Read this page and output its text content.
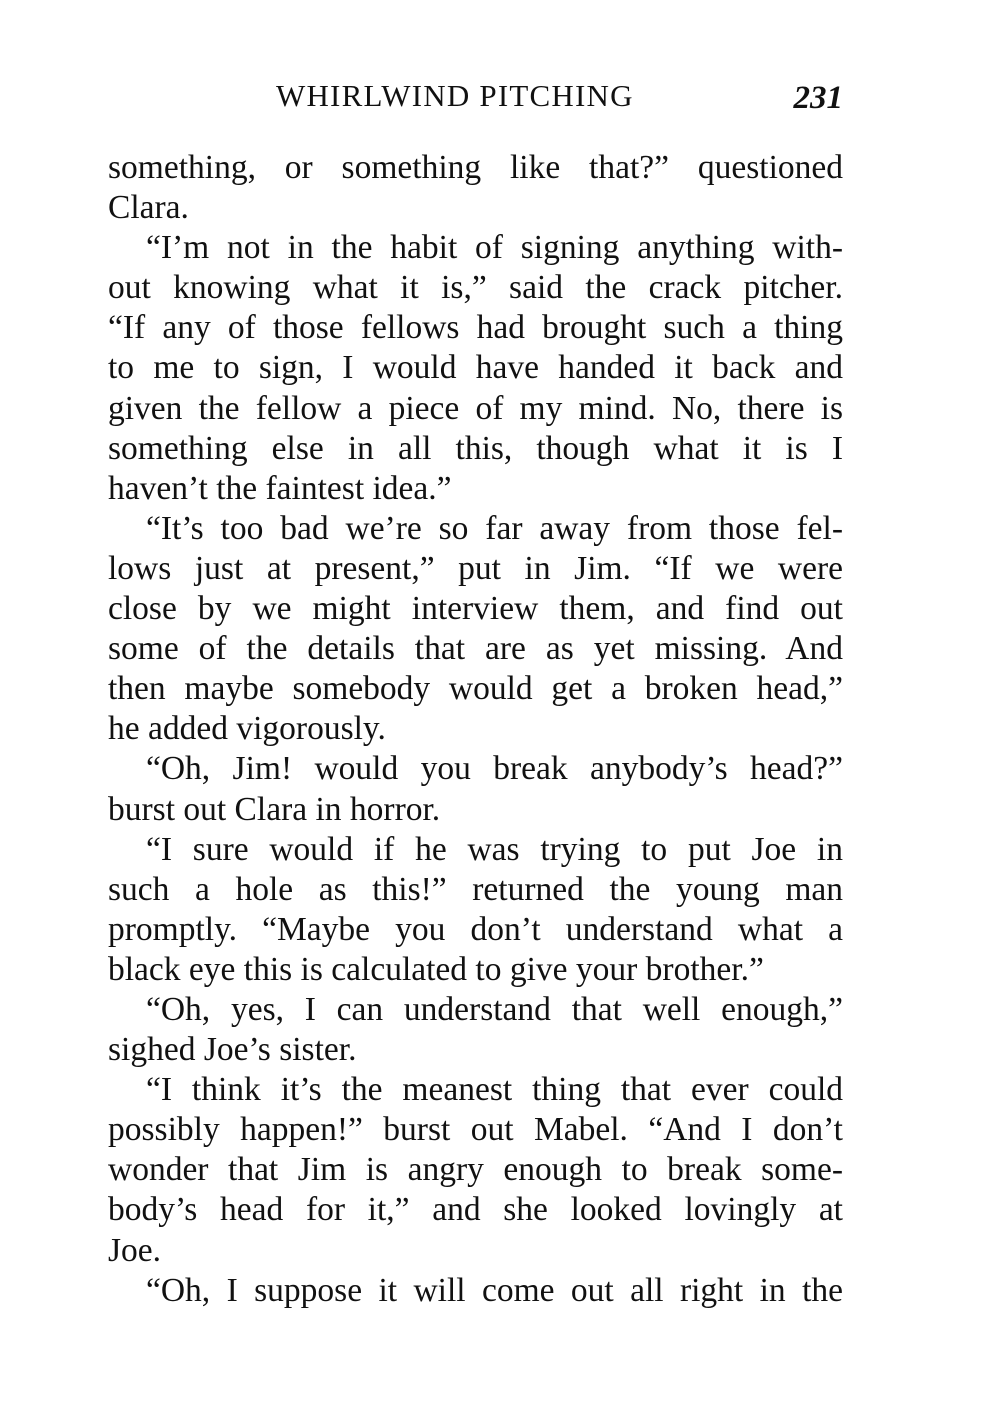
WHIRLWIND PITCHING	231
something, or something like that?” questioned
Clara.
“I’m not in the habit of signing anything with-
out knowing what it is,” said the crack pitcher.
“If any of those fellows had brought such a thing
to me to sign, I would have handed it back and
given the fellow a piece of my mind. No, there is
something else in all this, though what it is I
haven’t the faintest idea.”
“It’s too bad we’re so far away from those fel-
lows just at present,” put in Jim. “If we were
close by we might interview them, and find out
some of the details that are as yet missing. And
then maybe somebody would get a broken head,”
he added vigorously.
“Oh, Jim! would you break anybody’s head?”
burst out Clara in horror.
“I sure would if he was trying to put Joe in
such a hole as this!” returned the young man
promptly. “Maybe you don’t understand what a
black eye this is calculated to give your brother.”
“Oh, yes, I can understand that well enough,”
sighed Joe’s sister.
“I think it’s the meanest thing that ever could
possibly happen!” burst out Mabel. “And I don’t
wonder that Jim is angry enough to break some-
body’s head for it,” and she looked lovingly at
Joe.
“Oh, I suppose it will come out all right in the
